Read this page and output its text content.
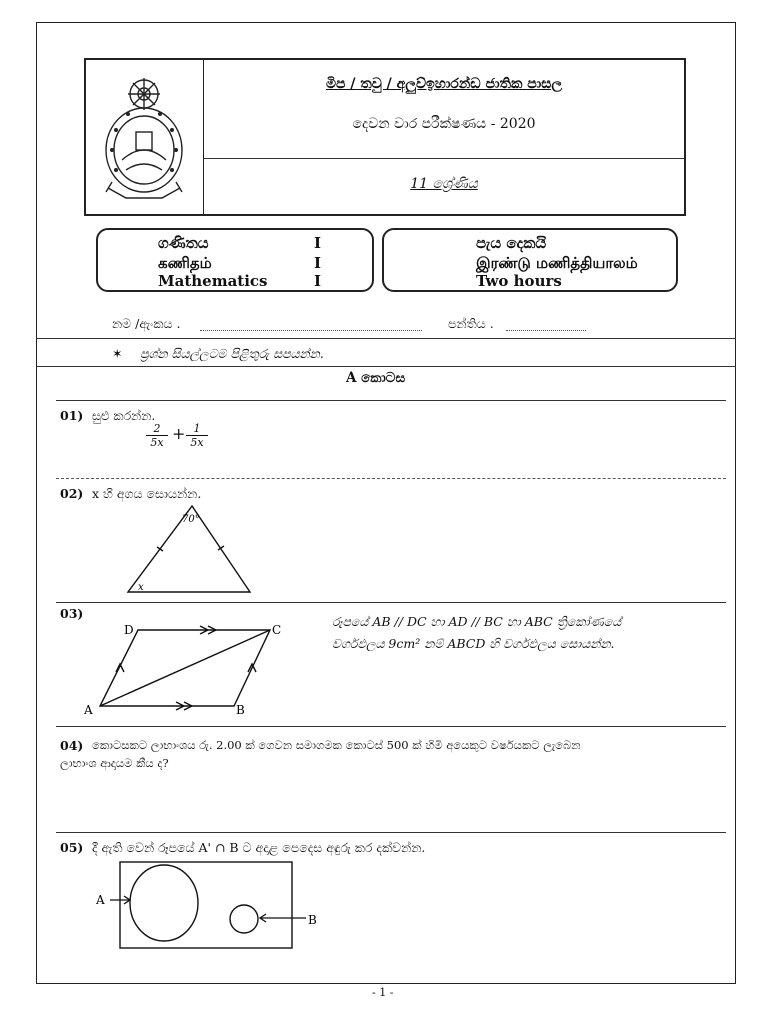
මිප / තවු / අලුව්ඉහාරන්ඩ ජාතික පාසල
දෙවන වාර පරීක්ෂණය - 2020
11 ශ්‍රේණිය
ගණිතය	I
கணிதம்	I
Mathematics	I
පැය දෙකයි
இரண்டு மணித்தியாலம்
Two hours
නම /ඇංකය .	පන්තිය .
✶ ප්‍රශ්න සියල්ලටම පිළිතුරු සපයන්න.
A කොටස
01) සුළු කරන්න.
$\frac{2}{5x} + \frac{1}{5x}$
02) x හි අගය සොයන්න.
70°
x
03)
D	C
A	B
රූපයේ AB // DC හා AD // BC හා ABC ත්‍රිකෝණයේ
වර්ගඵලය 9cm² නම් ABCD හි වර්ගඵලය සොයන්න.
04) කොටසකට ලාභාංශය රු. 2.00 ක් ගෙවන සමාගමක කොටස් 500 ක් හිමි අයෙකුට වර්ෂයකට ලැබෙන
ලාභාංශ ආදායම කීය ද?
05) දී ඇති වෙන් රූපයේ A' ∩ B ට අදාළ පෙදෙස අඳුරු කර දක්වන්න.
A
B
- 1 -
